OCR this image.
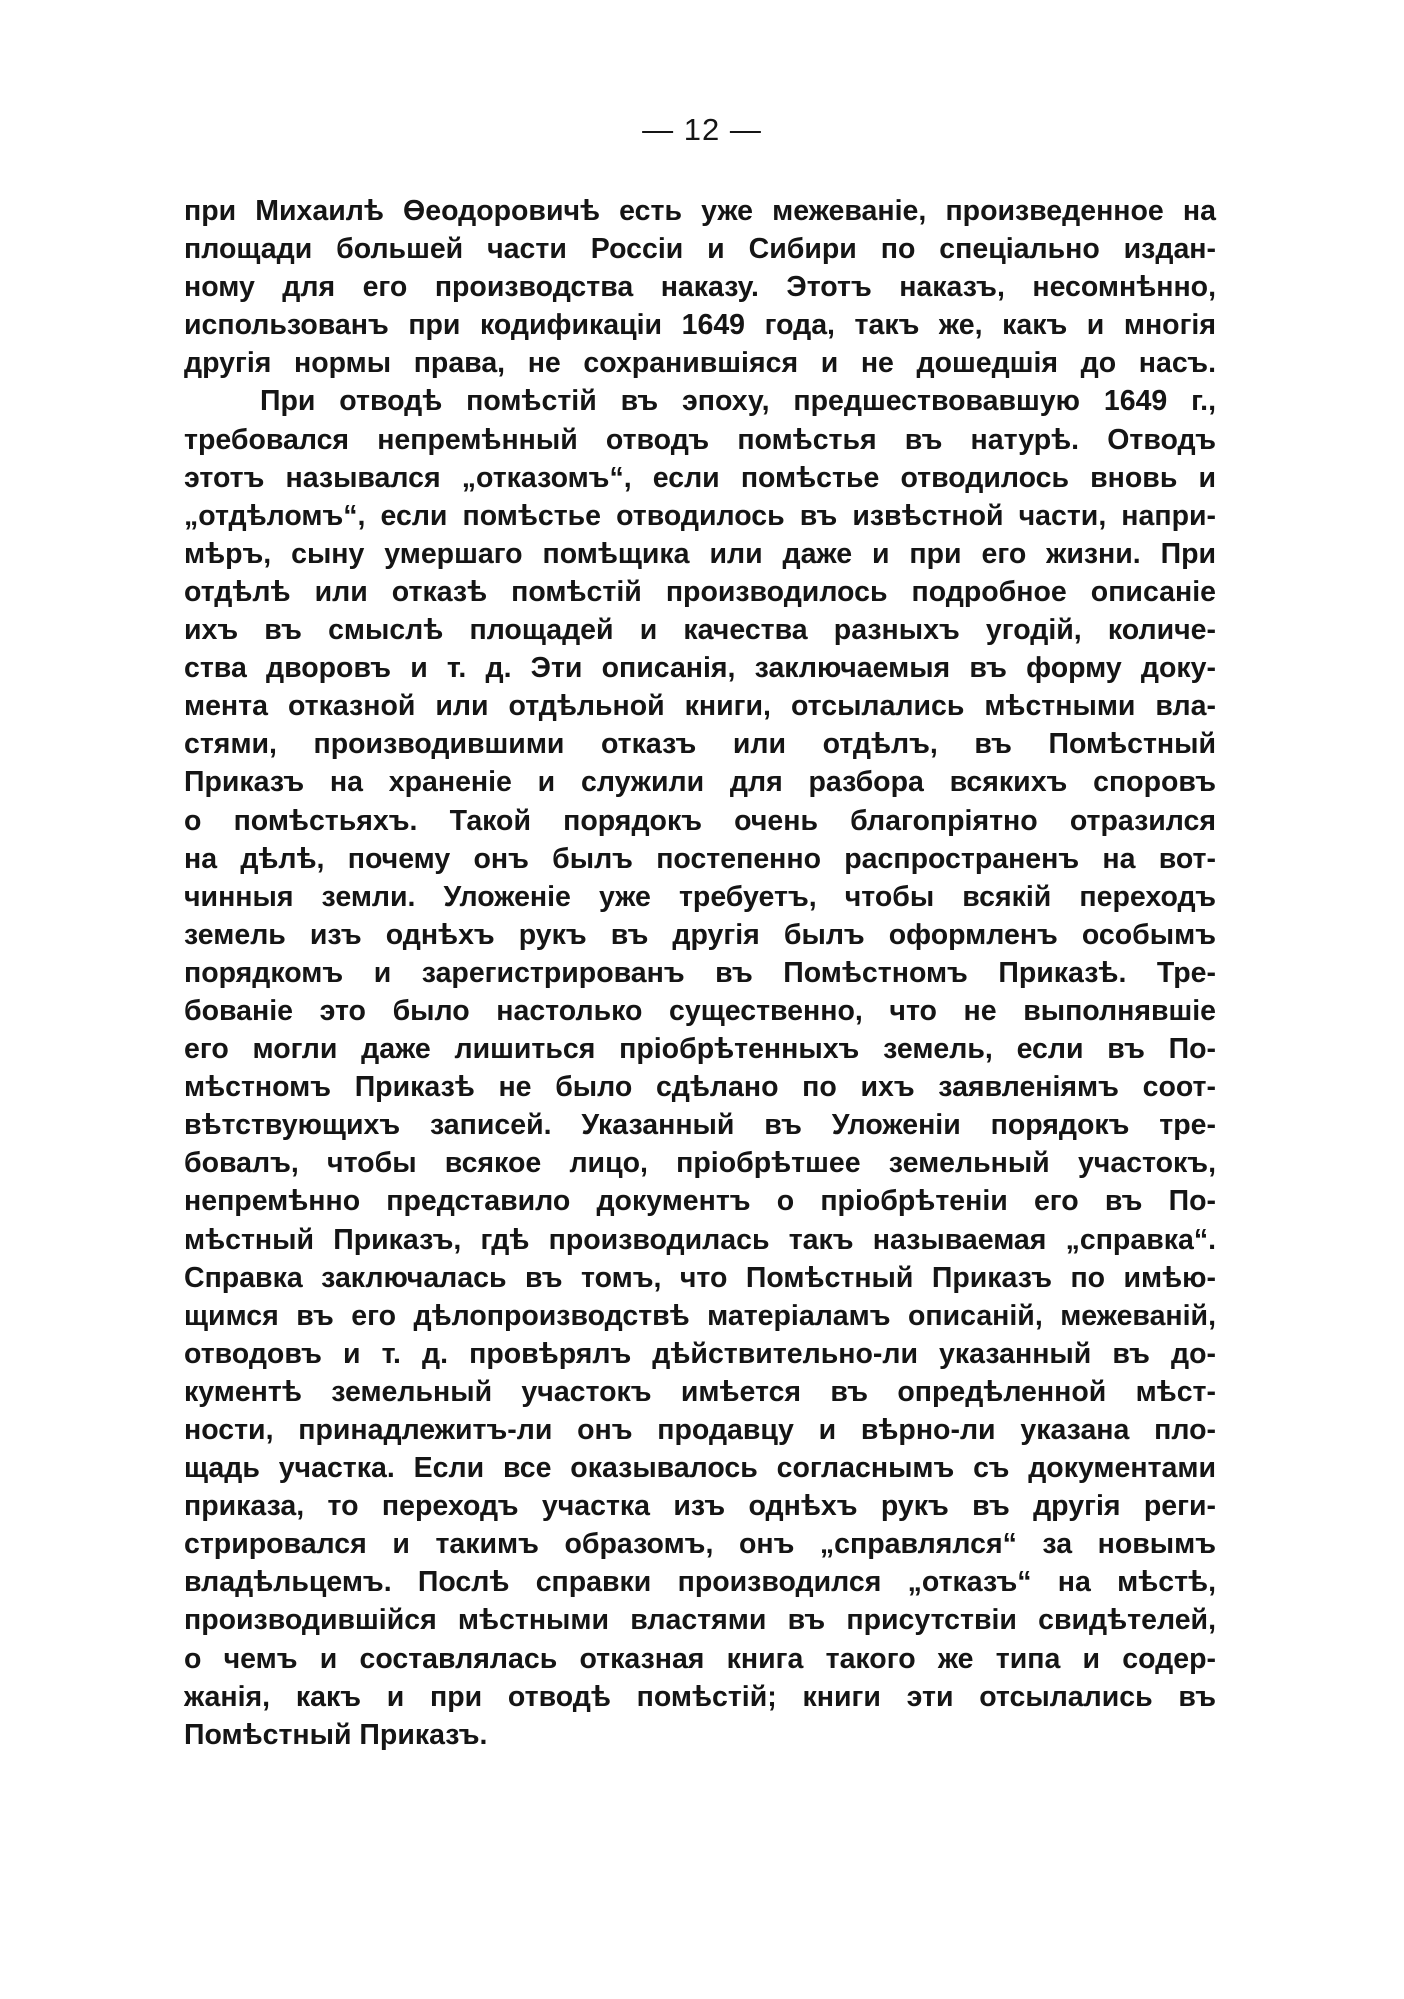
— 12 —
при Михаилѣ Өеодоровичѣ есть уже межеваніе, произведенное на
площади большей части Россіи и Сибири по спеціально издан-
ному для его производства наказу. Этотъ наказъ, несомнѣнно,
использованъ при кодификаціи 1649 года, такъ же, какъ и многія
другія нормы права, не сохранившіяся и не дошедшія до насъ.
При отводѣ помѣстій въ эпоху, предшествовавшую 1649 г.,
требовался непремѣнный отводъ помѣстья въ натурѣ. Отводъ
этотъ назывался „отказомъ“, если помѣстье отводилось вновь и
„отдѣломъ“, если помѣстье отводилось въ извѣстной части, напри-
мѣръ, сыну умершаго помѣщика или даже и при его жизни. При
отдѣлѣ или отказѣ помѣстій производилось подробное описаніе
ихъ въ смыслѣ площадей и качества разныхъ угодій, количе-
ства дворовъ и т. д. Эти описанія, заключаемыя въ форму доку-
мента отказной или отдѣльной книги, отсылались мѣстными вла-
стями, производившими отказъ или отдѣлъ, въ Помѣстный
Приказъ на храненіе и служили для разбора всякихъ споровъ
о помѣстьяхъ. Такой порядокъ очень благопріятно отразился
на дѣлѣ, почему онъ былъ постепенно распространенъ на вот-
чинныя земли. Уложеніе уже требуетъ, чтобы всякій переходъ
земель изъ однѣхъ рукъ въ другія былъ оформленъ особымъ
порядкомъ и зарегистрированъ въ Помѣстномъ Приказѣ. Тре-
бованіе это было настолько существенно, что не выполнявшіе
его могли даже лишиться пріобрѣтенныхъ земель, если въ По-
мѣстномъ Приказѣ не было сдѣлано по ихъ заявленіямъ соот-
вѣтствующихъ записей. Указанный въ Уложеніи порядокъ тре-
бовалъ, чтобы всякое лицо, пріобрѣтшее земельный участокъ,
непремѣнно представило документъ о пріобрѣтеніи его въ По-
мѣстный Приказъ, гдѣ производилась такъ называемая „справка“.
Справка заключалась въ томъ, что Помѣстный Приказъ по имѣю-
щимся въ его дѣлопроизводствѣ матеріаламъ описаній, межеваній,
отводовъ и т. д. провѣрялъ дѣйствительно-ли указанный въ до-
кументѣ земельный участокъ имѣется въ опредѣленной мѣст-
ности, принадлежитъ-ли онъ продавцу и вѣрно-ли указана пло-
щадь участка. Если все оказывалось согласнымъ съ документами
приказа, то переходъ участка изъ однѣхъ рукъ въ другія реги-
стрировался и такимъ образомъ, онъ „справлялся“ за новымъ
владѣльцемъ. Послѣ справки производился „отказъ“ на мѣстѣ,
производившійся мѣстными властями въ присутствіи свидѣтелей,
о чемъ и составлялась отказная книга такого же типа и содер-
жанія, какъ и при отводѣ помѣстій; книги эти отсылались въ
Помѣстный Приказъ.
